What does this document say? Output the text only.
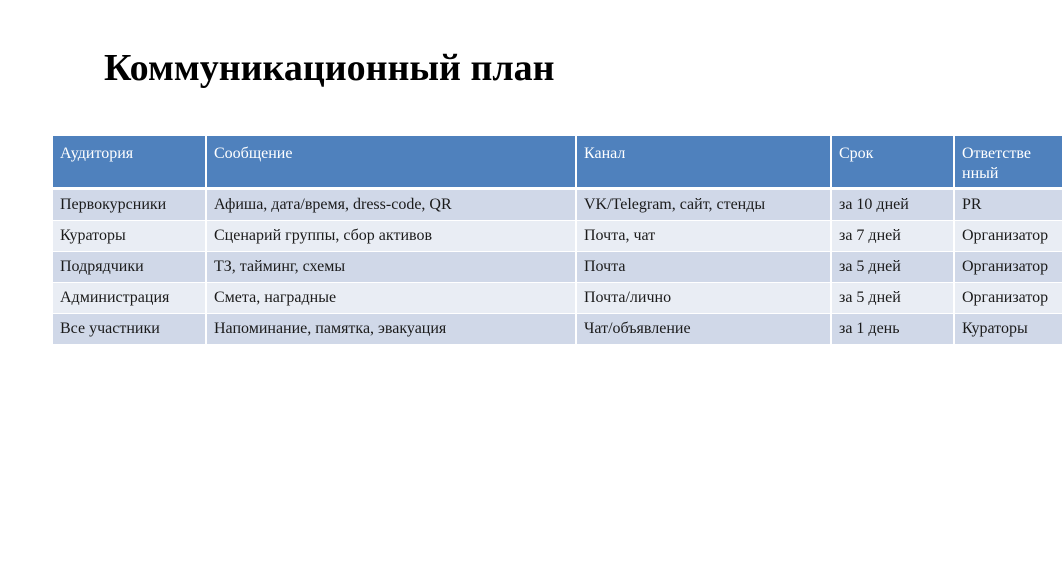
Коммуникационный план
Аудитория	Сообщение	Канал	Срок	Ответственный

Первокурсники	Афиша, дата/время, dress-code, QR	VK/Telegram, сайт, стенды	за 10 дней	PR
Кураторы	Сценарий группы, сбор активов	Почта, чат	за 7 дней	Организатор
Подрядчики	ТЗ, тайминг, схемы	Почта	за 5 дней	Организатор
Администрация	Смета, наградные	Почта/лично	за 5 дней	Организатор
Все участники	Напоминание, памятка, эвакуация	Чат/объявление	за 1 день	Кураторы
